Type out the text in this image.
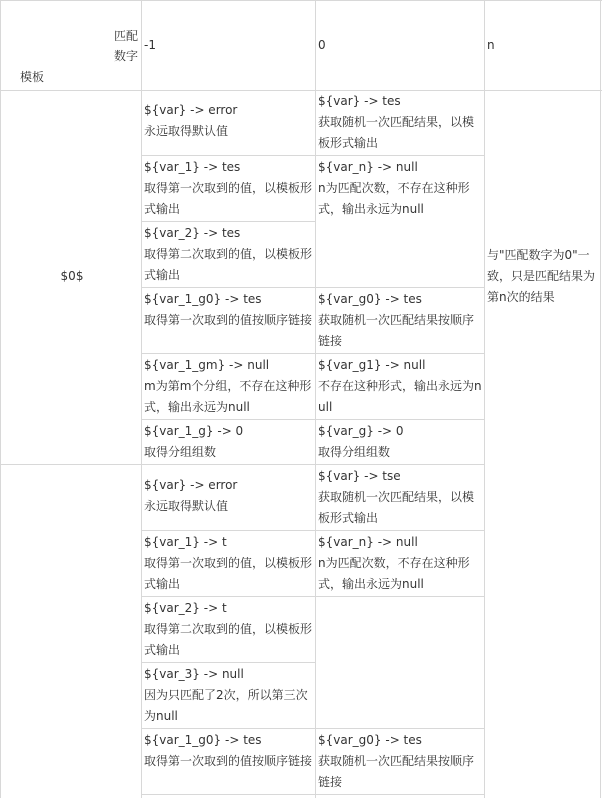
匹配
数字
模板
-1	0	n
$0$
与"匹配数字为0"一致，只是匹配结果为第n次的结果
${var} -> error
永远取得默认值
${var} -> tes
获取随机一次匹配结果，以模板形式输出
${var_1} -> tes
取得第一次取到的值，以模板形式输出
${var_n} -> null
n为匹配次数，不存在这种形式，输出永远为null
${var_2} -> tes
取得第二次取到的值，以模板形式输出
${var_1_g0} -> tes
取得第一次取到的值按顺序链接
${var_g0} -> tes
获取随机一次匹配结果按顺序链接
${var_1_gm} -> null
m为第m个分组，不存在这种形式，输出永远为null
${var_g1} -> null
不存在这种形式，输出永远为null
${var_1_g} -> 0
取得分组组数
${var_g} -> 0
取得分组组数
${var} -> error
永远取得默认值
${var} -> tse
获取随机一次匹配结果，以模板形式输出
${var_1} -> t
取得第一次取到的值，以模板形式输出
${var_n} -> null
n为匹配次数，不存在这种形式，输出永远为null
${var_2} -> t
取得第二次取到的值，以模板形式输出
${var_3} -> null
因为只匹配了2次，所以第三次为null
${var_1_g0} -> tes
取得第一次取到的值按顺序链接
${var_g0} -> tes
获取随机一次匹配结果按顺序链接
